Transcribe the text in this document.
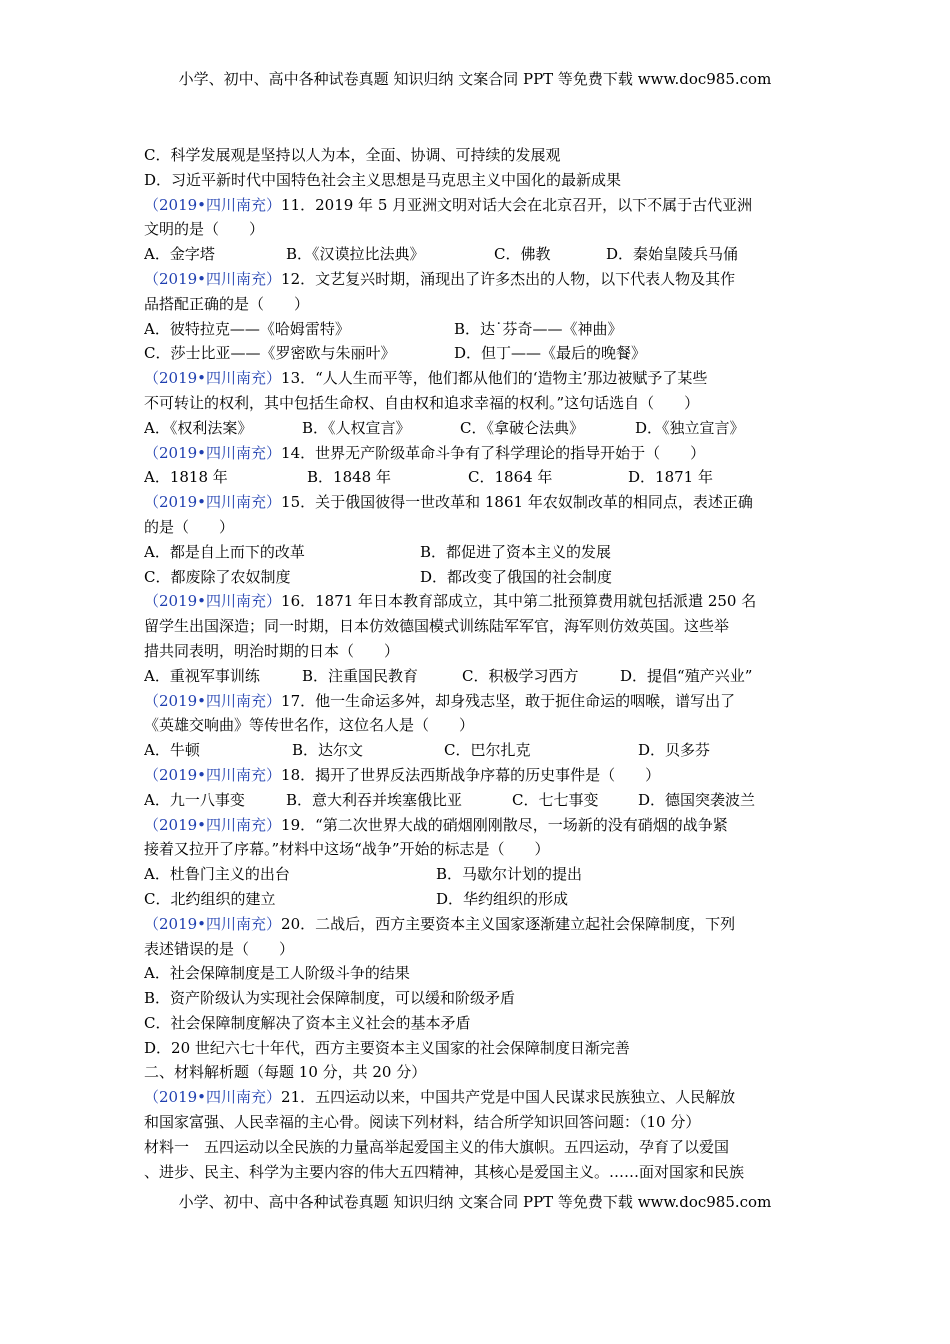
小学、初中、高中各种试卷真题 知识归纳 文案合同 PPT 等免费下载 www.doc985.com
C．科学发展观是坚持以人为本，全面、协调、可持续的发展观
D．习近平新时代中国特色社会主义思想是马克思主义中国化的最新成果
（2019•四川南充）11．2019 年 5 月亚洲文明对话大会在北京召开，以下不属于古代亚洲
文明的是（　　）
A．金字塔	B．《汉谟拉比法典》	C．佛教	D．秦始皇陵兵马俑
（2019•四川南充）12．文艺复兴时期，涌现出了许多杰出的人物，以下代表人物及其作
品搭配正确的是（　　）
A．彼特拉克——《哈姆雷特》	B．达˙芬奇——《神曲》
C．莎士比亚——《罗密欧与朱丽叶》	D．但丁——《最后的晚餐》
（2019•四川南充）13．“人人生而平等，他们都从他们的‘造物主’那边被赋予了某些
不可转让的权利，其中包括生命权、自由权和追求幸福的权利。”这句话选自（　　）
A．《权利法案》	B．《人权宣言》	C．《拿破仑法典》	D．《独立宣言》
（2019•四川南充）14．世界无产阶级革命斗争有了科学理论的指导开始于（　　）
A．1818 年	B．1848 年	C．1864 年	D．1871 年
（2019•四川南充）15．关于俄国彼得一世改革和 1861 年农奴制改革的相同点，表述正确
的是（　　）
A．都是自上而下的改革	B．都促进了资本主义的发展
C．都废除了农奴制度	D．都改变了俄国的社会制度
（2019•四川南充）16．1871 年日本教育部成立，其中第二批预算费用就包括派遣 250 名
留学生出国深造；同一时期，日本仿效德国模式训练陆军军官，海军则仿效英国。这些举
措共同表明，明治时期的日本（　　）
A．重视军事训练	B．注重国民教育	C．积极学习西方	D．提倡“殖产兴业”
（2019•四川南充）17．他一生命运多舛，却身残志坚，敢于扼住命运的咽喉，谱写出了
《英雄交响曲》等传世名作，这位名人是（　　）
A．牛顿	B．达尔文	C．巴尔扎克	D．贝多芬
（2019•四川南充）18．揭开了世界反法西斯战争序幕的历史事件是（　　）
A．九一八事变	B．意大利吞并埃塞俄比亚	C．七七事变	D．德国突袭波兰
（2019•四川南充）19．“第二次世界大战的硝烟刚刚散尽，一场新的没有硝烟的战争紧
接着又拉开了序幕。”材料中这场“战争”开始的标志是（　　）
A．杜鲁门主义的出台	B．马歇尔计划的提出
C．北约组织的建立	D．华约组织的形成
（2019•四川南充）20．二战后，西方主要资本主义国家逐渐建立起社会保障制度，下列
表述错误的是（　　）
A．社会保障制度是工人阶级斗争的结果
B．资产阶级认为实现社会保障制度，可以缓和阶级矛盾
C．社会保障制度解决了资本主义社会的基本矛盾
D．20 世纪六七十年代，西方主要资本主义国家的社会保障制度日渐完善
二、材料解析题（每题 10 分，共 20 分）
（2019•四川南充）21．五四运动以来，中国共产党是中国人民谋求民族独立、人民解放
和国家富强、人民幸福的主心骨。阅读下列材料，结合所学知识回答问题：（10 分）
材料一　五四运动以全民族的力量高举起爱国主义的伟大旗帜。五四运动，孕育了以爱国
、进步、民主、科学为主要内容的伟大五四精神，其核心是爱国主义。……面对国家和民族
小学、初中、高中各种试卷真题 知识归纳 文案合同 PPT 等免费下载 www.doc985.com
